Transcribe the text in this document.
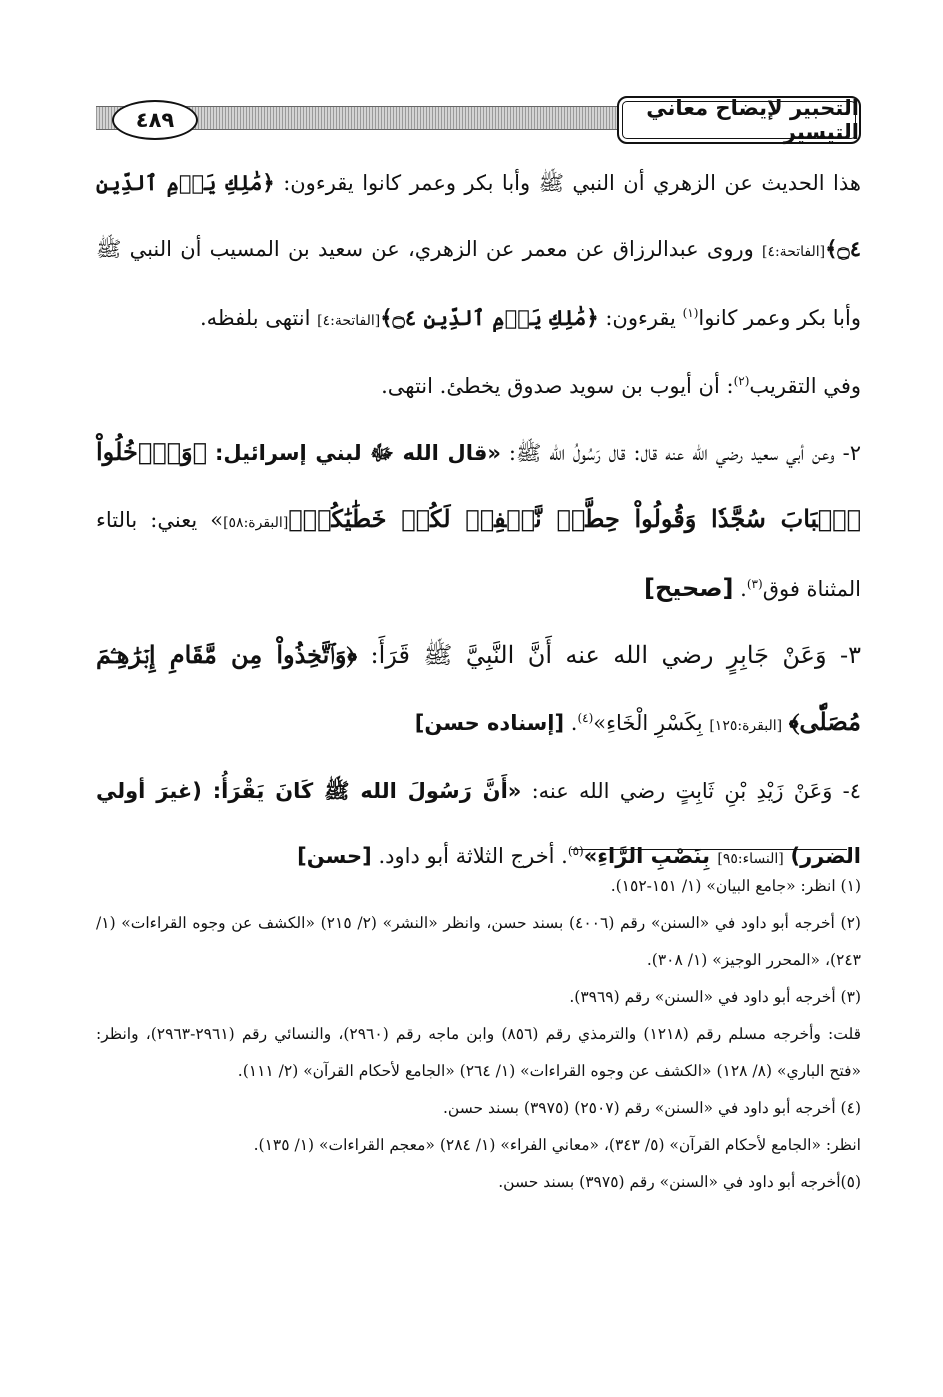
التحبير لإيضاح معاني التيسير
٤٨٩

هذا الحديث عن الزهري أن النبي ﷺ وأبا بكر وعمر كانوا يقرءون: ﴿مَٰلِكِ يَوۡمِ ٱلدِّينِ ۝٤﴾[الفاتحة:٤] وروى عبدالرزاق عن معمر عن الزهري، عن سعيد بن المسيب أن النبي ﷺ وأبا بكر وعمر كانوا$^{(١)}$ يقرءون: ﴿مَٰلِكِ يَوۡمِ ٱلدِّينِ ۝٤﴾[الفاتحة:٤] انتهى بلفظه.

وفي التقريب$^{(٢)}$: أن أيوب بن سويد صدوق يخطئ. انتهى.

٢- وعن أبي سعيد رضي الله عنه قال: قال رَسُولُ الله ﷺ: «قال الله ﷻ لبني إسرائيل: ﴿وَٱدۡخُلُواْ ٱلۡبَابَ سُجَّدٗا وَقُولُواْ حِطَّةٞ نَّغۡفِرۡ لَكُمۡ خَطَٰيَٰكُمۡ﴾[البقرة:٥٨]» يعني: بالتاء المثناة فوق$^{(٣)}$. [صحيح]

٣- وَعَنْ جَابِرٍ رضي الله عنه أَنَّ النَّبِيَّ ﷺ قَرَأَ: ﴿وَٱتَّخِذُواْ مِن مَّقَامِ إِبۡرَٰهِـۧمَ مُصَلّٗى﴾ [البقرة:١٢٥] بِكَسْرِ الْخَاءِ»$^{(٤)}$. [إسناده حسن]

٤- وَعَنْ زَيْدِ بْنِ ثَابِتٍ رضي الله عنه: «أَنَّ رَسُولَ الله ﷺ كَانَ يَقْرَأُ: (غيرَ أولي الضرر) [النساء:٩٥] بِنَصْبِ الرَّاءِ»$^{(٥)}$. أخرج الثلاثة أبو داود. [حسن]

(١) انظر: «جامع البيان» (١/ ١٥١-١٥٢).

(٢) أخرجه أبو داود في «السنن» رقم (٤٠٠٦) بسند حسن، وانظر «النشر» (٢/ ٢١٥) «الكشف عن وجوه القراءات» (١/ ٢٤٣)، «المحرر الوجيز» (١/ ٣٠٨).

(٣) أخرجه أبو داود في «السنن» رقم (٣٩٦٩).

قلت: وأخرجه مسلم رقم (١٢١٨) والترمذي رقم (٨٥٦) وابن ماجه رقم (٢٩٦٠)، والنسائي رقم (٢٩٦١-٢٩٦٣)، وانظر: «فتح الباري» (٨/ ١٢٨) «الكشف عن وجوه القراءات» (١/ ٢٦٤) «الجامع لأحكام القرآن» (٢/ ١١١).

(٤) أخرجه أبو داود في «السنن» رقم (٢٥٠٧) (٣٩٧٥) بسند حسن.

انظر: «الجامع لأحكام القرآن» (٥/ ٣٤٣)، «معاني الفراء» (١/ ٢٨٤) «معجم القراءات» (١/ ١٣٥).

(٥)أخرجه أبو داود في «السنن» رقم (٣٩٧٥) بسند حسن.
